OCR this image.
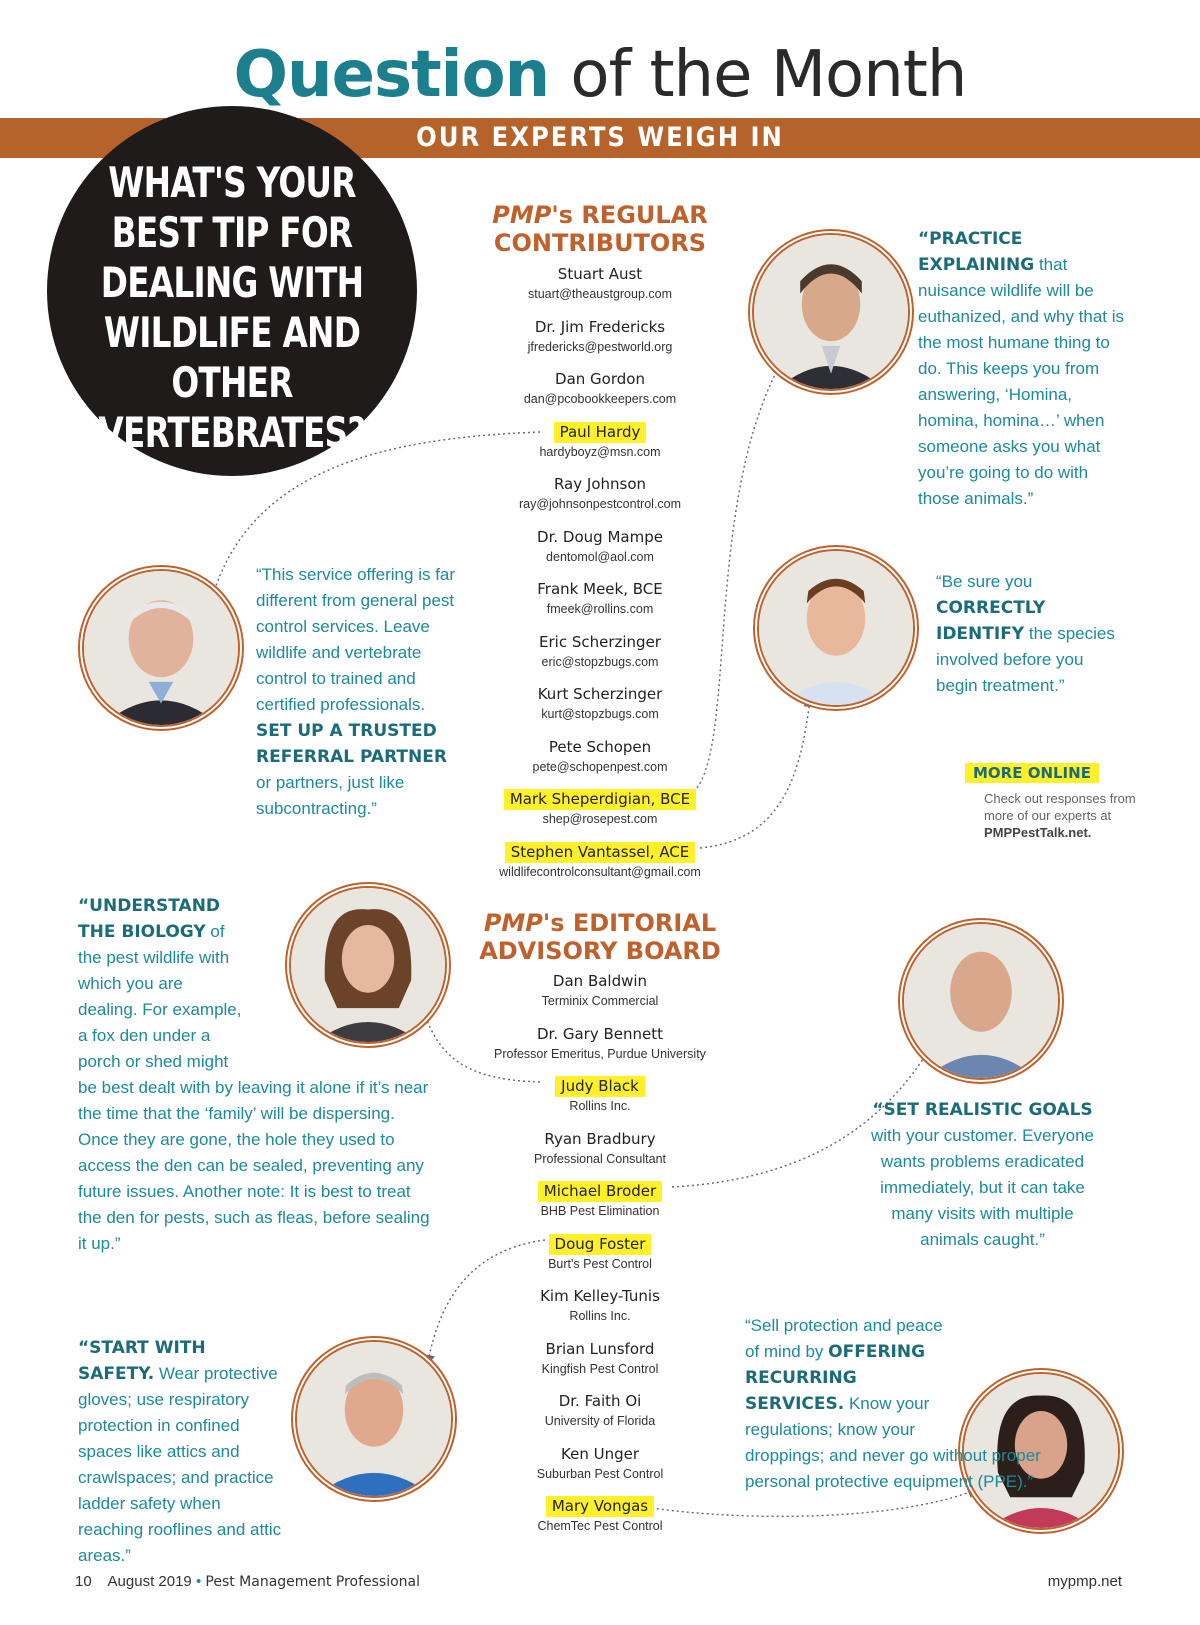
Question of the Month
OUR EXPERTS WEIGH IN
WHAT'S YOUR
BEST TIP FOR
DEALING WITH
WILDLIFE AND OTHER
VERTEBRATES?
PMP's REGULAR
CONTRIBUTORS
Stuart Aust
stuart@theaustgroup.com
Dr. Jim Fredericks
jfredericks@pestworld.org
Dan Gordon
dan@pcobookkeepers.com
Paul Hardy
hardyboyz@msn.com
Ray Johnson
ray@johnsonpestcontrol.com
Dr. Doug Mampe
dentomol@aol.com
Frank Meek, BCE
fmeek@rollins.com
Eric Scherzinger
eric@stopzbugs.com
Kurt Scherzinger
kurt@stopzbugs.com
Pete Schopen
pete@schopenpest.com
Mark Sheperdigian, BCE
shep@rosepest.com
Stephen Vantassel, ACE
wildlifecontrolconsultant@gmail.com
PMP's EDITORIAL
ADVISORY BOARD
Dan Baldwin
Terminix Commercial
Dr. Gary Bennett
Professor Emeritus, Purdue University
Judy Black
Rollins Inc.
Ryan Bradbury
Professional Consultant
Michael Broder
BHB Pest Elimination
Doug Foster
Burt's Pest Control
Kim Kelley-Tunis
Rollins Inc.
Brian Lunsford
Kingfish Pest Control
Dr. Faith Oi
University of Florida
Ken Unger
Suburban Pest Control
Mary Vongas
ChemTec Pest Control
“PRACTICE EXPLAINING that nuisance wildlife will be euthanized, and why that is the most humane thing to do. This keeps you from answering, ‘Homina, homina, homina…’ when someone asks you what you’re going to do with those animals.”
“This service offering is far different from general pest control services. Leave wildlife and vertebrate control to trained and certified professionals. SET UP A TRUSTED REFERRAL PARTNER or partners, just like subcontracting.”
“Be sure you CORRECTLY IDENTIFY the species involved before you begin treatment.”
“UNDERSTAND THE BIOLOGY of the pest wildlife with which you are dealing. For example, a fox den under a porch or shed might be best dealt with by leaving it alone if it’s near the time that the ‘family’ will be dispersing. Once they are gone, the hole they used to access the den can be sealed, preventing any future issues. Another note: It is best to treat the den for pests, such as fleas, before sealing it up.”
“SET REALISTIC GOALS with your customer. Everyone wants problems eradicated immediately, but it can take many visits with multiple animals caught.”
“START WITH SAFETY. Wear protective gloves; use respiratory protection in confined spaces like attics and crawlspaces; and practice ladder safety when reaching rooflines and attic areas.”
“Sell protection and peace of mind by OFFERING RECURRING SERVICES. Know your regulations; know your droppings; and never go without proper personal protective equipment (PPE).”
MORE ONLINE
Check out responses from more of our experts at PMPPestTalk.net.
10 August 2019 • Pest Management Professional	mypmp.net
